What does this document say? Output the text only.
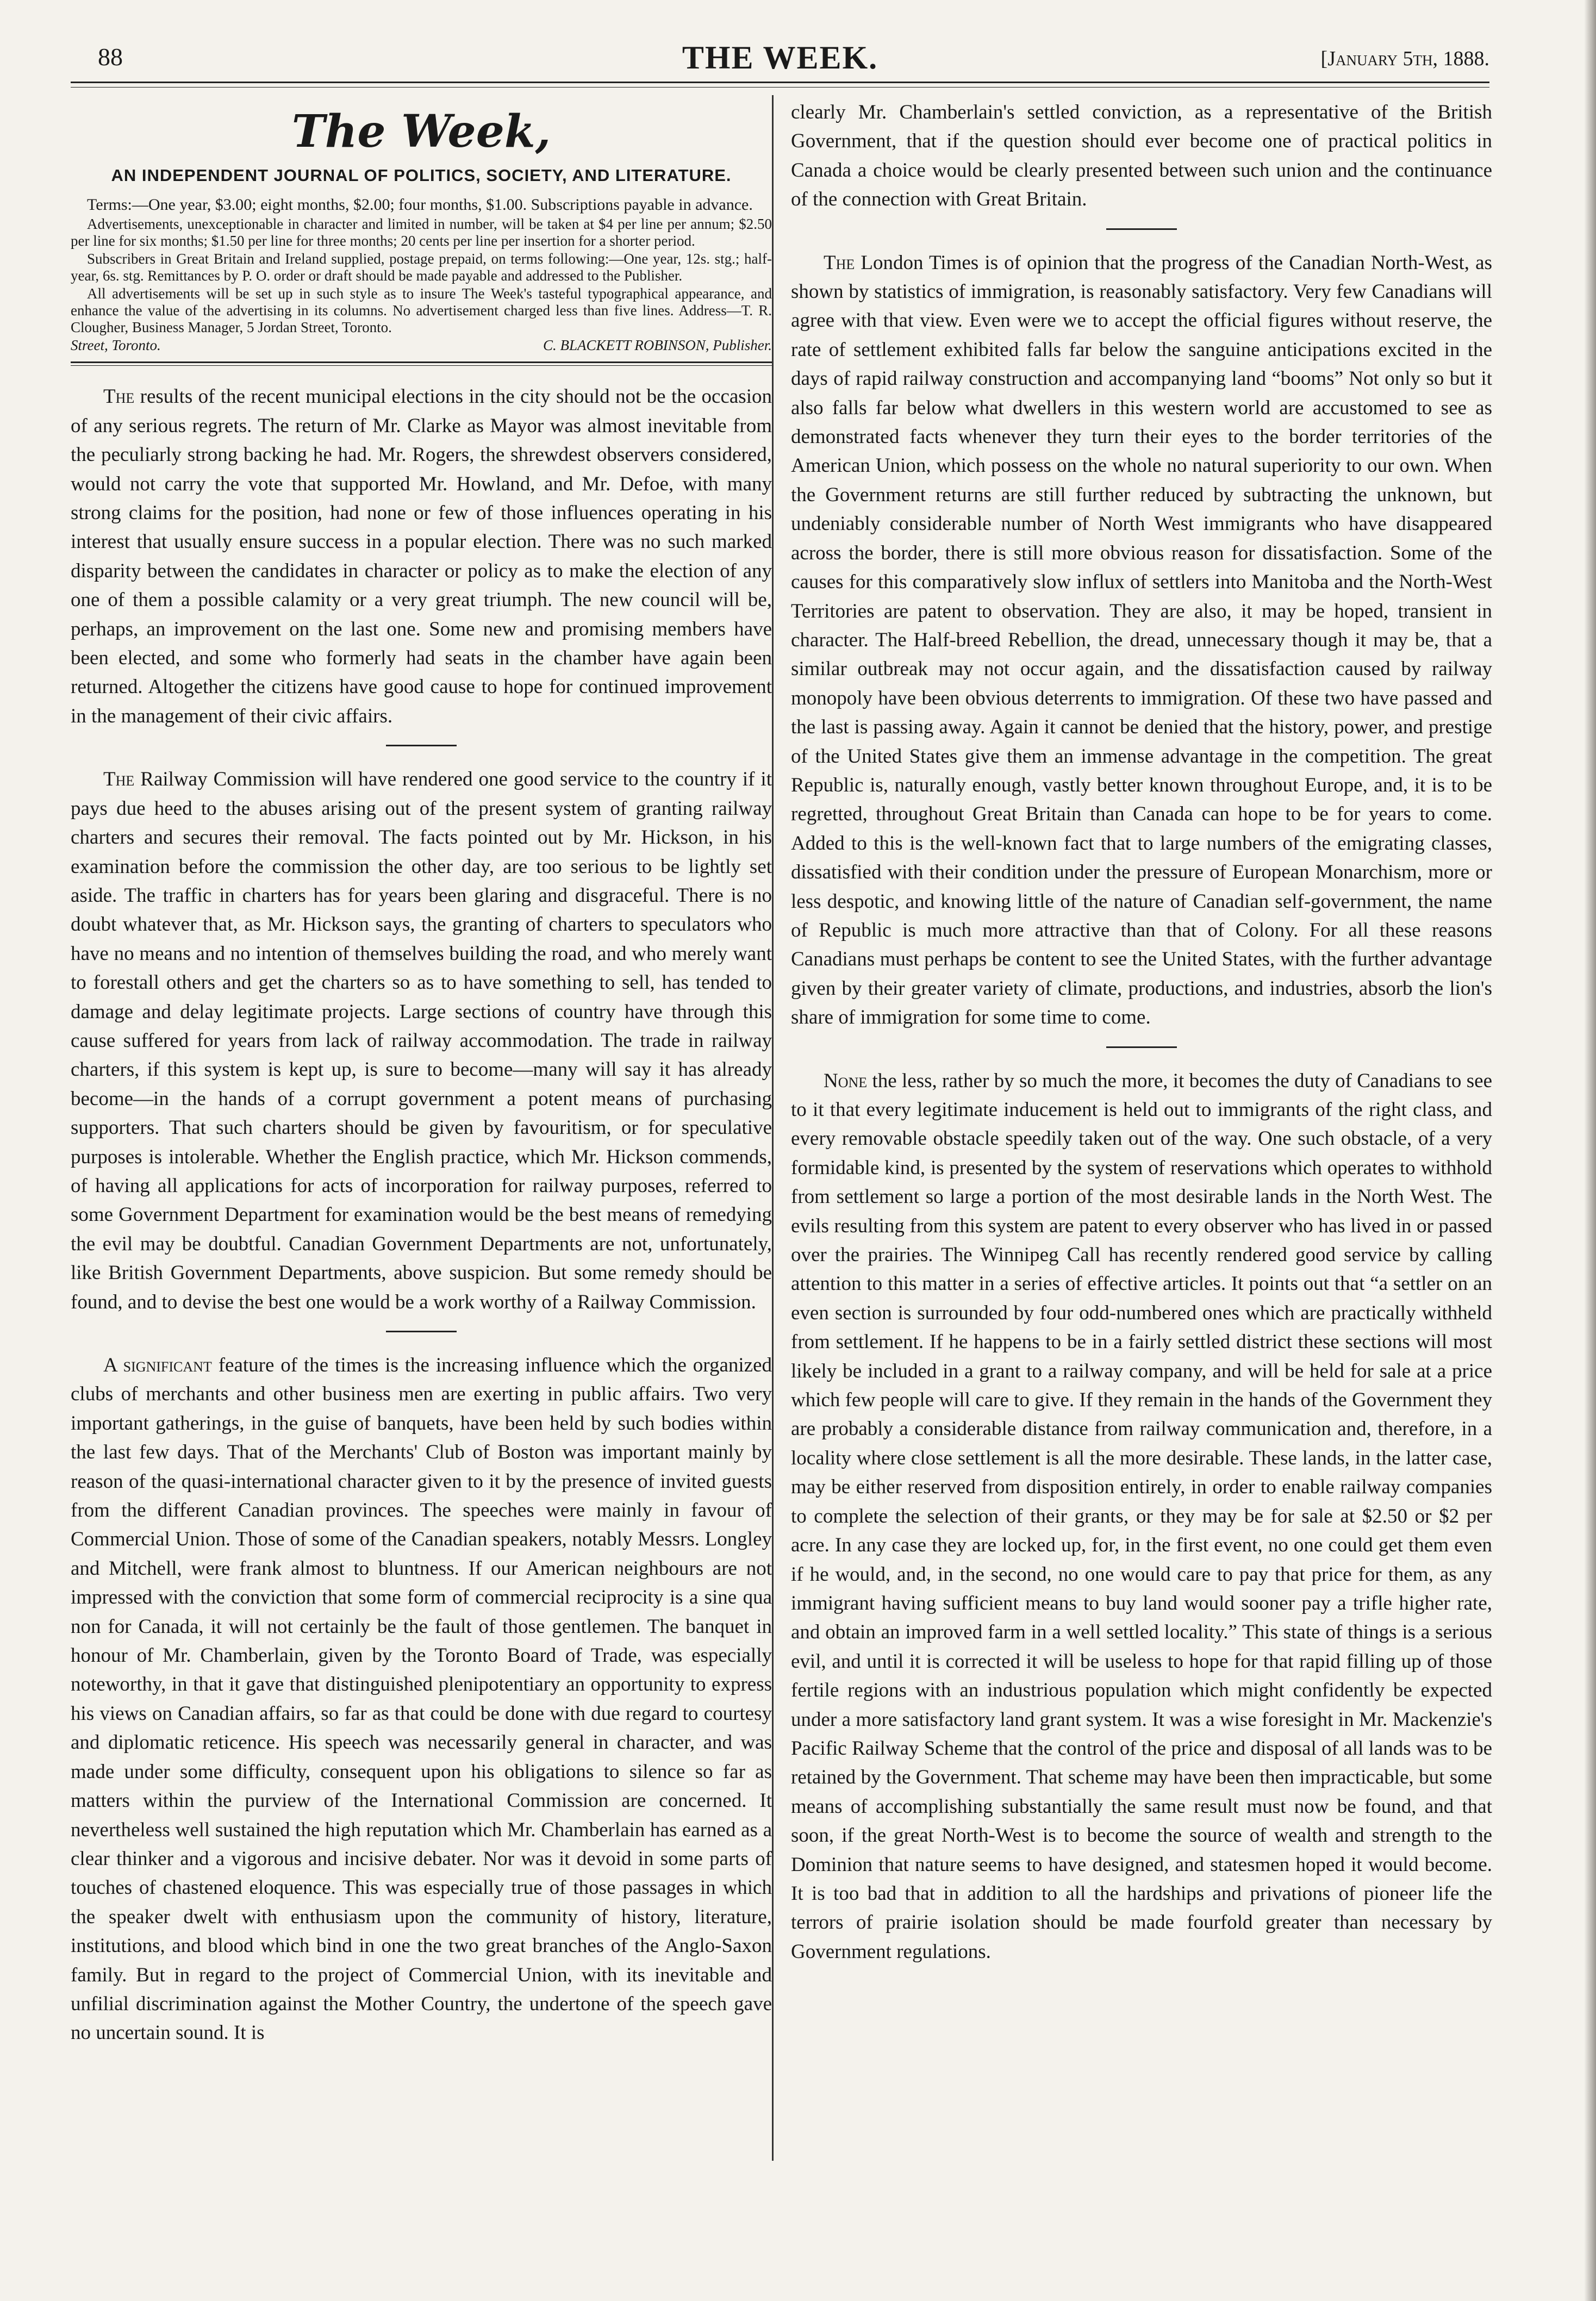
88	THE WEEK.	[January 5th, 1888.
The Week,
AN INDEPENDENT JOURNAL OF POLITICS, SOCIETY, AND LITERATURE.

Terms:—One year, $3.00; eight months, $2.00; four months, $1.00. Subscriptions payable in advance.

Advertisements, unexceptionable in character and limited in number, will be taken at $4 per line per annum; $2.50 per line for six months; $1.50 per line for three months; 20 cents per line per insertion for a shorter period.

Subscribers in Great Britain and Ireland supplied, postage prepaid, on terms following:—One year, 12s. stg.; half-year, 6s. stg. Remittances by P. O. order or draft should be made payable and addressed to the Publisher.

All advertisements will be set up in such style as to insure The Week's tasteful typographical appearance, and enhance the value of the advertising in its columns. No advertisement charged less than five lines. Address—T. R. Clougher, Business Manager, 5 Jordan Street, Toronto.

Street, Toronto.	C. BLACKETT ROBINSON, Publisher.

The results of the recent municipal elections in the city should not be the occasion of any serious regrets. The return of Mr. Clarke as Mayor was almost inevitable from the peculiarly strong backing he had. Mr. Rogers, the shrewdest observers considered, would not carry the vote that supported Mr. Howland, and Mr. Defoe, with many strong claims for the position, had none or few of those influences operating in his interest that usually ensure success in a popular election. There was no such marked disparity between the candidates in character or policy as to make the election of any one of them a possible calamity or a very great triumph. The new council will be, perhaps, an improvement on the last one. Some new and promising members have been elected, and some who formerly had seats in the chamber have again been returned. Altogether the citizens have good cause to hope for continued improvement in the management of their civic affairs.

The Railway Commission will have rendered one good service to the country if it pays due heed to the abuses arising out of the present system of granting railway charters and secures their removal. The facts pointed out by Mr. Hickson, in his examination before the commission the other day, are too serious to be lightly set aside. The traffic in charters has for years been glaring and disgraceful. There is no doubt whatever that, as Mr. Hickson says, the granting of charters to speculators who have no means and no intention of themselves building the road, and who merely want to forestall others and get the charters so as to have something to sell, has tended to damage and delay legitimate projects. Large sections of country have through this cause suffered for years from lack of railway accommodation. The trade in railway charters, if this system is kept up, is sure to become—many will say it has already become—in the hands of a corrupt government a potent means of purchasing supporters. That such charters should be given by favouritism, or for speculative purposes is intolerable. Whether the English practice, which Mr. Hickson commends, of having all applications for acts of incorporation for railway purposes, referred to some Government Department for examination would be the best means of remedying the evil may be doubtful. Canadian Government Departments are not, unfortunately, like British Government Departments, above suspicion. But some remedy should be found, and to devise the best one would be a work worthy of a Railway Commission.

A significant feature of the times is the increasing influence which the organized clubs of merchants and other business men are exerting in public affairs. Two very important gatherings, in the guise of banquets, have been held by such bodies within the last few days. That of the Merchants' Club of Boston was important mainly by reason of the quasi-international character given to it by the presence of invited guests from the different Canadian provinces. The speeches were mainly in favour of Commercial Union. Those of some of the Canadian speakers, notably Messrs. Longley and Mitchell, were frank almost to bluntness. If our American neighbours are not impressed with the conviction that some form of commercial reciprocity is a sine qua non for Canada, it will not certainly be the fault of those gentlemen. The banquet in honour of Mr. Chamberlain, given by the Toronto Board of Trade, was especially noteworthy, in that it gave that distinguished plenipotentiary an opportunity to express his views on Canadian affairs, so far as that could be done with due regard to courtesy and diplomatic reticence. His speech was necessarily general in character, and was made under some difficulty, consequent upon his obligations to silence so far as matters within the purview of the International Commission are concerned. It nevertheless well sustained the high reputation which Mr. Chamberlain has earned as a clear thinker and a vigorous and incisive debater. Nor was it devoid in some parts of touches of chastened eloquence. This was especially true of those passages in which the speaker dwelt with enthusiasm upon the community of history, literature, institutions, and blood which bind in one the two great branches of the Anglo-Saxon family. But in regard to the project of Commercial Union, with its inevitable and unfilial discrimination against the Mother Country, the undertone of the speech gave no uncertain sound. It is

clearly Mr. Chamberlain's settled conviction, as a representative of the British Government, that if the question should ever become one of practical politics in Canada a choice would be clearly presented between such union and the continuance of the connection with Great Britain.

The London Times is of opinion that the progress of the Canadian North-West, as shown by statistics of immigration, is reasonably satisfactory. Very few Canadians will agree with that view. Even were we to accept the official figures without reserve, the rate of settlement exhibited falls far below the sanguine anticipations excited in the days of rapid railway construction and accompanying land “booms” Not only so but it also falls far below what dwellers in this western world are accustomed to see as demonstrated facts whenever they turn their eyes to the border territories of the American Union, which possess on the whole no natural superiority to our own. When the Government returns are still further reduced by subtracting the unknown, but undeniably considerable number of North West immigrants who have disappeared across the border, there is still more obvious reason for dissatisfaction. Some of the causes for this comparatively slow influx of settlers into Manitoba and the North-West Territories are patent to observation. They are also, it may be hoped, transient in character. The Half-breed Rebellion, the dread, unnecessary though it may be, that a similar outbreak may not occur again, and the dissatisfaction caused by railway monopoly have been obvious deterrents to immigration. Of these two have passed and the last is passing away. Again it cannot be denied that the history, power, and prestige of the United States give them an immense advantage in the competition. The great Republic is, naturally enough, vastly better known throughout Europe, and, it is to be regretted, throughout Great Britain than Canada can hope to be for years to come. Added to this is the well-known fact that to large numbers of the emigrating classes, dissatisfied with their condition under the pressure of European Monarchism, more or less despotic, and knowing little of the nature of Canadian self-government, the name of Republic is much more attractive than that of Colony. For all these reasons Canadians must perhaps be content to see the United States, with the further advantage given by their greater variety of climate, productions, and industries, absorb the lion's share of immigration for some time to come.

None the less, rather by so much the more, it becomes the duty of Canadians to see to it that every legitimate inducement is held out to immigrants of the right class, and every removable obstacle speedily taken out of the way. One such obstacle, of a very formidable kind, is presented by the system of reservations which operates to withhold from settlement so large a portion of the most desirable lands in the North West. The evils resulting from this system are patent to every observer who has lived in or passed over the prairies. The Winnipeg Call has recently rendered good service by calling attention to this matter in a series of effective articles. It points out that “a settler on an even section is surrounded by four odd-numbered ones which are practically withheld from settlement. If he happens to be in a fairly settled district these sections will most likely be included in a grant to a railway company, and will be held for sale at a price which few people will care to give. If they remain in the hands of the Government they are probably a considerable distance from railway communication and, therefore, in a locality where close settlement is all the more desirable. These lands, in the latter case, may be either reserved from disposition entirely, in order to enable railway companies to complete the selection of their grants, or they may be for sale at $2.50 or $2 per acre. In any case they are locked up, for, in the first event, no one could get them even if he would, and, in the second, no one would care to pay that price for them, as any immigrant having sufficient means to buy land would sooner pay a trifle higher rate, and obtain an improved farm in a well settled locality.” This state of things is a serious evil, and until it is corrected it will be useless to hope for that rapid filling up of those fertile regions with an industrious population which might confidently be expected under a more satisfactory land grant system. It was a wise foresight in Mr. Mackenzie's Pacific Railway Scheme that the control of the price and disposal of all lands was to be retained by the Government. That scheme may have been then impracticable, but some means of accomplishing substantially the same result must now be found, and that soon, if the great North-West is to become the source of wealth and strength to the Dominion that nature seems to have designed, and statesmen hoped it would become. It is too bad that in addition to all the hardships and privations of pioneer life the terrors of prairie isolation should be made fourfold greater than necessary by Government regulations.
